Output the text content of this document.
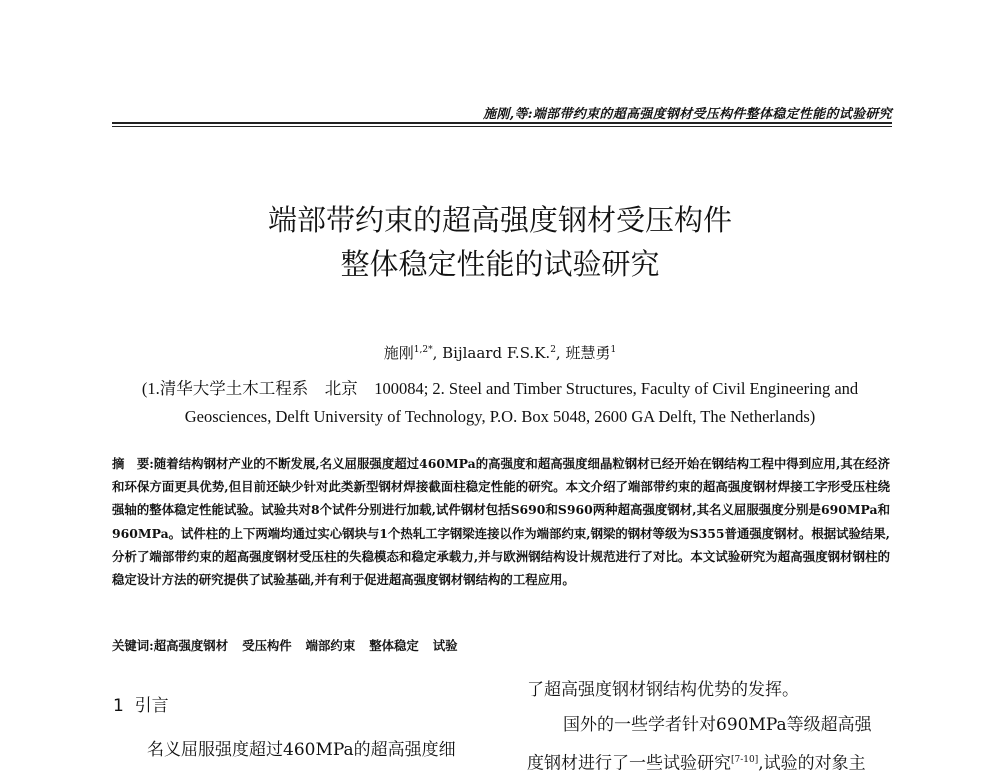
施刚,等:端部带约束的超高强度钢材受压构件整体稳定性能的试验研究
端部带约束的超高强度钢材受压构件
整体稳定性能的试验研究
施刚$^{1,2*}$, Bijlaard F.S.K.$^2$, 班慧勇$^1$
(1.清华大学土木工程系　北京　100084; 2. Steel and Timber Structures, Faculty of Civil Engineering and
Geosciences, Delft University of Technology, P.O. Box 5048, 2600 GA Delft, The Netherlands)
摘　要:随着结构钢材产业的不断发展,名义屈服强度超过460MPa的高强度和超高强度细晶粒钢材已经开始在钢结构工程中得到应用,其在经济和环保方面更具优势,但目前还缺少针对此类新型钢材焊接截面柱稳定性能的研究。本文介绍了端部带约束的超高强度钢材焊接工字形受压柱绕强轴的整体稳定性能试验。试验共对8个试件分别进行加载,试件钢材包括S690和S960两种超高强度钢材,其名义屈服强度分别是690MPa和960MPa。试件柱的上下两端均通过实心钢块与1个热轧工字钢梁连接以作为端部约束,钢梁的钢材等级为S355普通强度钢材。根据试验结果,分析了端部带约束的超高强度钢材受压柱的失稳模态和稳定承载力,并与欧洲钢结构设计规范进行了对比。本文试验研究为超高强度钢材钢柱的稳定设计方法的研究提供了试验基础,并有利于促进超高强度钢材钢结构的工程应用。
关键词:超高强度钢材 受压构件 端部约束 整体稳定 试验
1 引言
名义屈服强度超过460MPa的超高强度细
了超高强度钢材钢结构优势的发挥。
国外的一些学者针对690MPa等级超高强
度钢材进行了一些试验研究[7-10],试验的对象主
